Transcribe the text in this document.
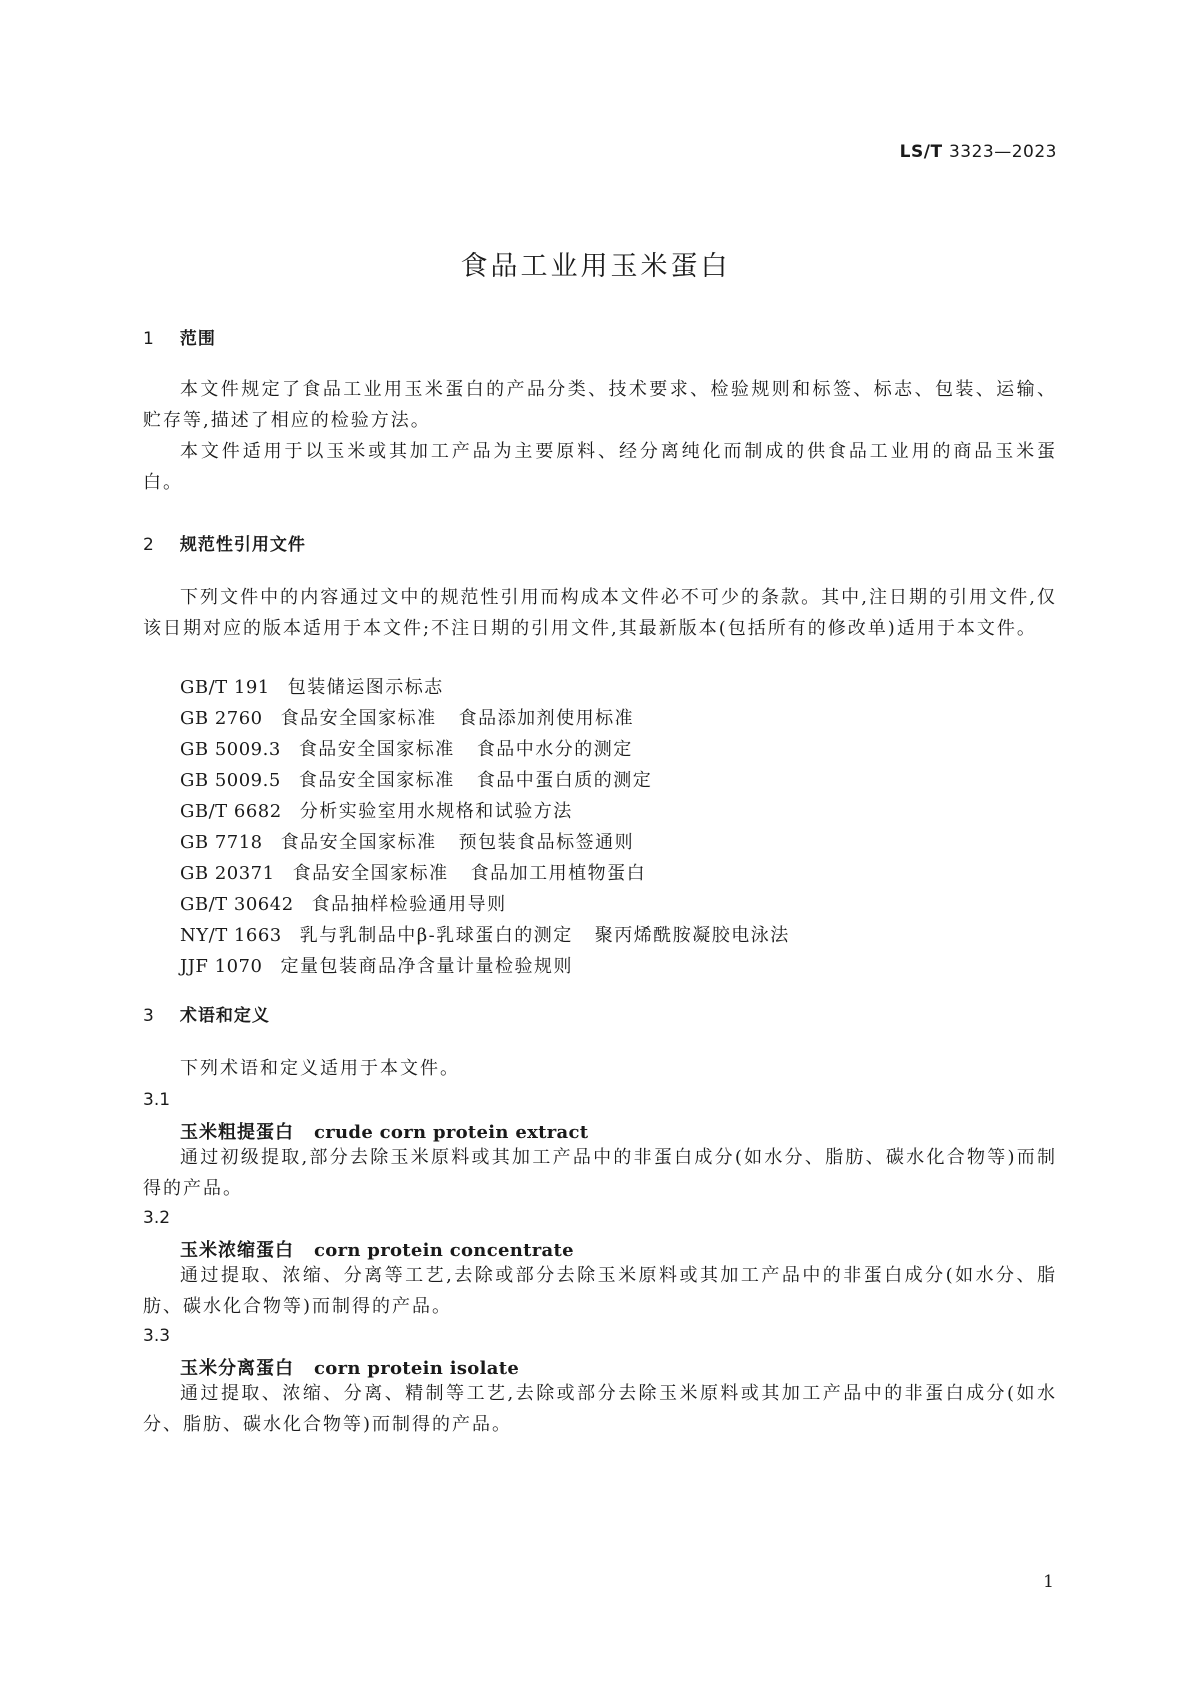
LS/T 3323—2023
食品工业用玉米蛋白
1 范围

本文件规定了食品工业用玉米蛋白的产品分类、技术要求、检验规则和标签、标志、包装、运输、贮存等,描述了相应的检验方法。

本文件适用于以玉米或其加工产品为主要原料、经分离纯化而制成的供食品工业用的商品玉米蛋白。

2 规范性引用文件

下列文件中的内容通过文中的规范性引用而构成本文件必不可少的条款。其中,注日期的引用文件,仅该日期对应的版本适用于本文件;不注日期的引用文件,其最新版本(包括所有的修改单)适用于本文件。

GB/T 191 包装储运图示标志
GB 2760 食品安全国家标准 食品添加剂使用标准
GB 5009.3 食品安全国家标准 食品中水分的测定
GB 5009.5 食品安全国家标准 食品中蛋白质的测定
GB/T 6682 分析实验室用水规格和试验方法
GB 7718 食品安全国家标准 预包装食品标签通则
GB 20371 食品安全国家标准 食品加工用植物蛋白
GB/T 30642 食品抽样检验通用导则
NY/T 1663 乳与乳制品中β-乳球蛋白的测定 聚丙烯酰胺凝胶电泳法
JJF 1070 定量包装商品净含量计量检验规则
3 术语和定义

下列术语和定义适用于本文件。

3.1
玉米粗提蛋白 crude corn protein extract

通过初级提取,部分去除玉米原料或其加工产品中的非蛋白成分(如水分、脂肪、碳水化合物等)而制得的产品。

3.2
玉米浓缩蛋白 corn protein concentrate

通过提取、浓缩、分离等工艺,去除或部分去除玉米原料或其加工产品中的非蛋白成分(如水分、脂肪、碳水化合物等)而制得的产品。

3.3
玉米分离蛋白 corn protein isolate

通过提取、浓缩、分离、精制等工艺,去除或部分去除玉米原料或其加工产品中的非蛋白成分(如水分、脂肪、碳水化合物等)而制得的产品。

1
